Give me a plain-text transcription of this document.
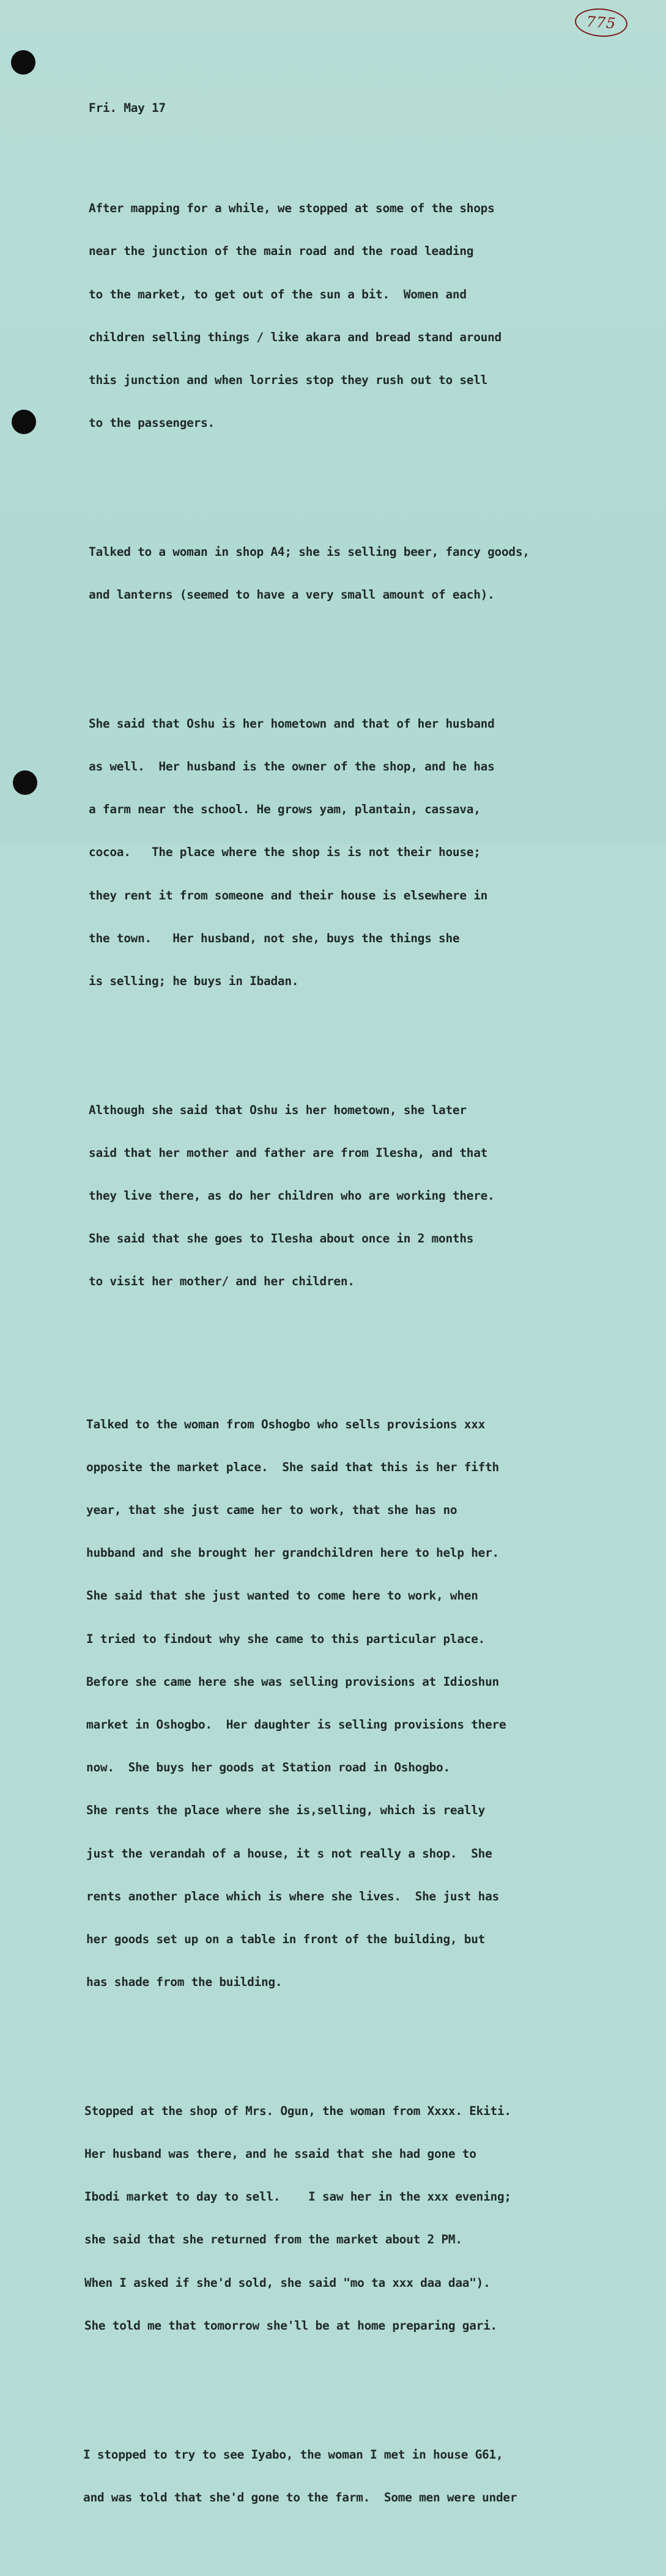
775

Fri. May 17

After mapping for a while, we stopped at some of the shops

near the junction of the main road and the road leading

to the market, to get out of the sun a bit.  Women and

children selling things / like akara and bread stand around

this junction and when lorries stop they rush out to sell

to the passengers.

Talked to a woman in shop A4; she is selling beer, fancy goods,

and lanterns (seemed to have a very small amount of each).

She said that Oshu is her hometown and that of her husband

as well.  Her husband is the owner of the shop, and he has

a farm near the school. He grows yam, plantain, cassava,

cocoa.   The place where the shop is is not their house;

they rent it from someone and their house is elsewhere in

the town.   Her husband, not she, buys the things she

is selling; he buys in Ibadan.

Although she said that Oshu is her hometown, she later

said that her mother and father are from Ilesha, and that

they live there, as do her children who are working there.

She said that she goes to Ilesha about once in 2 months

to visit her mother/ and her children.

Talked to the woman from Oshogbo who sells provisions xxx

opposite the market place.  She said that this is her fifth

year, that she just came her to work, that she has no

hubband and she brought her grandchildren here to help her.

She said that she just wanted to come here to work, when

I tried to findout why she came to this particular place.

Before she came here she was selling provisions at Idioshun

market in Oshogbo.  Her daughter is selling provisions there

now.  She buys her goods at Station road in Oshogbo.

She rents the place where she is,selling, which is really

just the verandah of a house, it s not really a shop.  She

rents another place which is where she lives.  She just has

her goods set up on a table in front of the building, but

has shade from the building.

Stopped at the shop of Mrs. Ogun, the woman from Xxxx. Ekiti.

Her husband was there, and he ssaid that she had gone to

Ibodi market to day to sell.    I saw her in the xxx evening;

she said that she returned from the market about 2 PM.

When I asked if she'd sold, she said "mo ta xxx daa daa").

She told me that tomorrow she'll be at home preparing gari.

I stopped to try to see Iyabo, the woman I met in house G61,

and was told that she'd gone to the farm.  Some men were under
